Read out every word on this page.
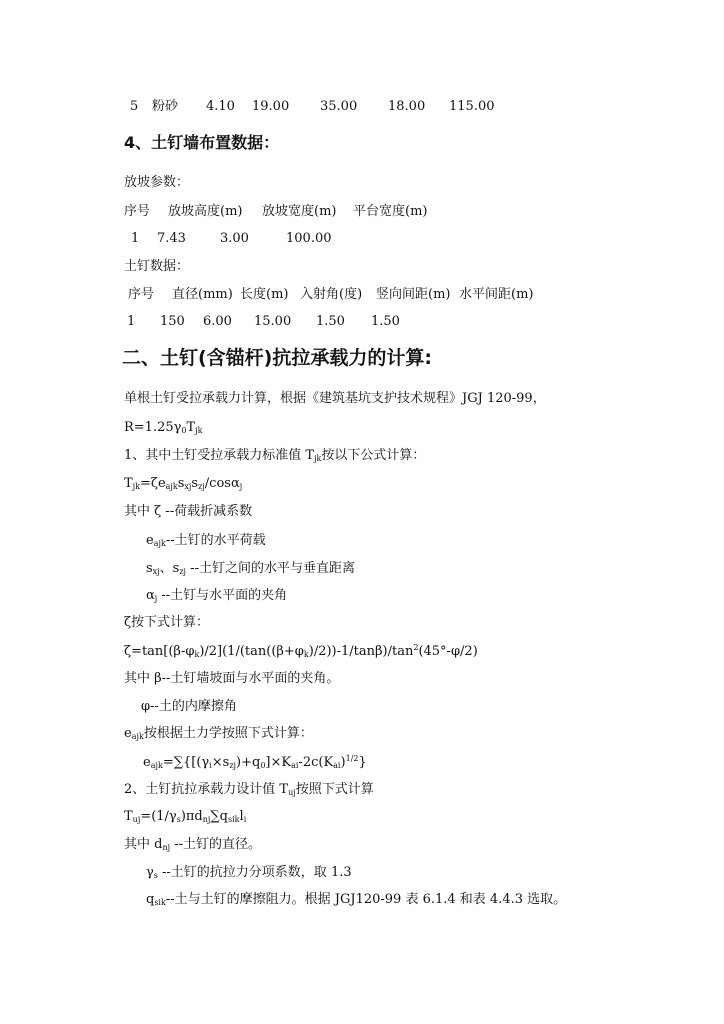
5 粉砂 4.10 19.00 35.00 18.00 115.00
4、土钉墙布置数据：
放坡参数：
序号 放坡高度(m) 放坡宽度(m) 平台宽度(m)
1 7.43	3.00	100.00
土钉数据：
序号 直径(mm) 长度(m) 入射角(度) 竖向间距(m) 水平间距(m)
1 150 6.00 15.00 1.50 1.50
二、土钉(含锚杆)抗拉承载力的计算:
单根土钉受拉承载力计算，根据《建筑基坑支护技术规程》JGJ 120-99，
$R=1.25\gamma_0T_{jk}$
1、其中土钉受拉承载力标准值 $T_{jk}$按以下公式计算：
$T_{jk}=\zeta e_{ajk}s_{xj}s_{zj}/\cos\alpha_j$
其中 ζ --荷载折减系数
$e_{ajk}--$土钉的水平荷载
$s_{xj}$、$s_{zj}$ --土钉之间的水平与垂直距离
$\alpha_j$ --土钉与水平面的夹角
ζ按下式计算：
$\zeta=\tan[(\beta-\varphi_k)/2](1/(\tan((\beta+\varphi_k)/2))-1/\tan\beta)/\tan^2(45^\circ-\varphi/2)$
其中 β--土钉墙坡面与水平面的夹角。
φ--土的内摩擦角
$e_{ajk}$按根据土力学按照下式计算：
$e_{ajk}=\sum\{[(\gamma_i\times s_{zj})+q_0]\times K_{ai}-2c(K_{ai})^{1/2}\}$
2、土钉抗拉承载力设计值 $T_{uj}$按照下式计算
$T_{uj}=(1/\gamma_s)\pi d_{nj}\sum q_{sik}l_i$
其中 $d_{nj}$ --土钉的直径。
$\gamma_s$ --土钉的抗拉力分项系数，取 1.3
$q_{sik}--$土与土钉的摩擦阻力。根据 JGJ120-99 表 6.1.4 和表 4.4.3 选取。
